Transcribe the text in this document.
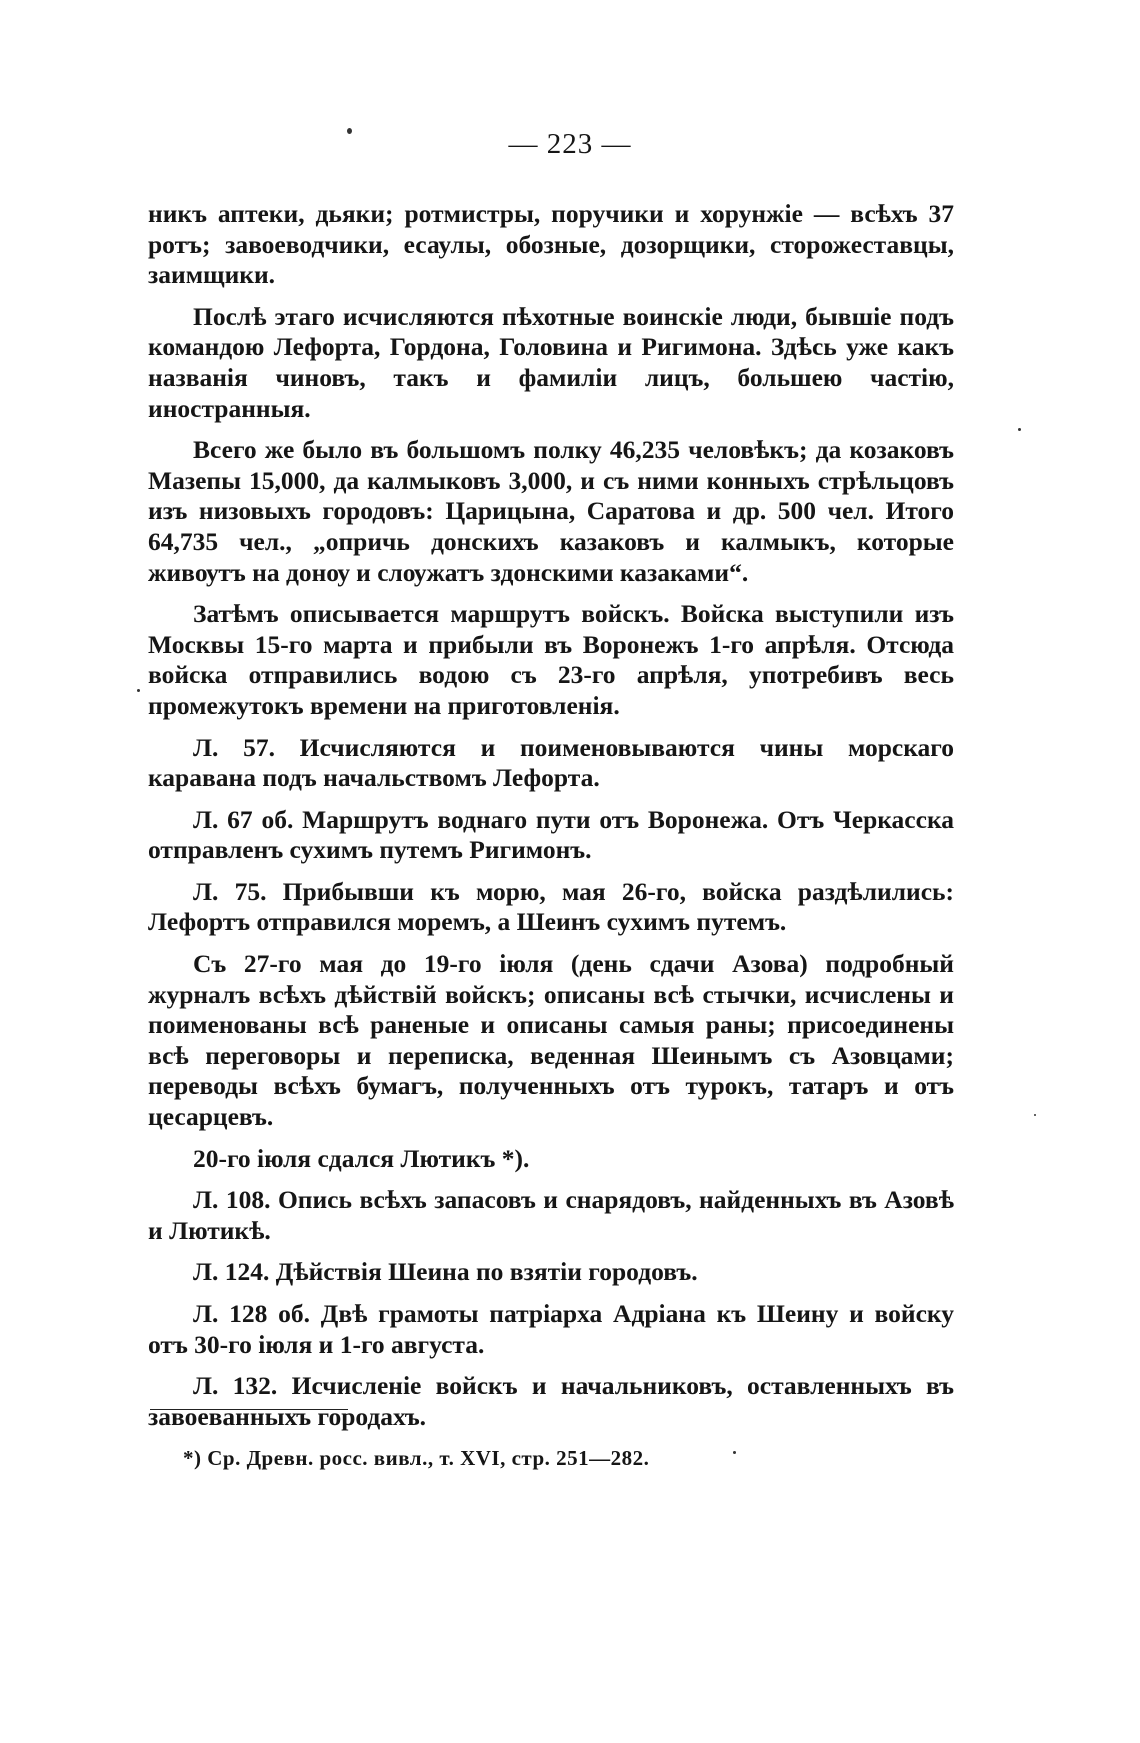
— 223 —

никъ аптеки, дьяки; ротмистры, поручики и хорунжіе — всѣхъ 37 ротъ; завоеводчики, есаулы, обозные, дозорщики, сторожеставцы, заимщики.

Послѣ этаго исчисляются пѣхотные воинскіе люди, бывшіе подъ командою Лефорта, Гордона, Головина и Ригимона. Здѣсь уже какъ названія чиновъ, такъ и фамиліи лицъ, большею частію, иностранныя.

Всего же было въ большомъ полку 46,235 человѣкъ; да козаковъ Мазепы 15,000, да калмыковъ 3,000, и съ ними конныхъ стрѣльцовъ изъ низовыхъ городовъ: Царицына, Саратова и др. 500 чел. Итого 64,735 чел., „опричь донскихъ казаковъ и калмыкъ, которые живѹтъ на донѹ и слѹжатъ здонскими казаками“.

Затѣмъ описывается маршрутъ войскъ. Войска выступили изъ Москвы 15-го марта и прибыли въ Воронежъ 1-го апрѣля. Отсюда войска отправились водою съ 23-го апрѣля, употребивъ весь промежутокъ времени на приготовленія.

Л. 57. Исчисляются и поименовываются чины морскаго каравана подъ начальствомъ Лефорта.

Л. 67 об. Маршрутъ воднаго пути отъ Воронежа. Отъ Черкасска отправленъ сухимъ путемъ Ригимонъ.

Л. 75. Прибывши къ морю, мая 26-го, войска раздѣлились: Лефортъ отправился моремъ, а Шеинъ сухимъ путемъ.

Съ 27-го мая до 19-го іюля (день сдачи Азова) подробный журналъ всѣхъ дѣйствій войскъ; описаны всѣ стычки, исчислены и поименованы всѣ раненые и описаны самыя раны; присоединены всѣ переговоры и переписка, веденная Шеинымъ съ Азовцами; переводы всѣхъ бумагъ, полученныхъ отъ турокъ, татаръ и отъ цесарцевъ.

20-го іюля сдался Лютикъ *).

Л. 108. Опись всѣхъ запасовъ и снарядовъ, найденныхъ въ Азовѣ и Лютикѣ.

Л. 124. Дѣйствія Шеина по взятіи городовъ.

Л. 128 об. Двѣ грамоты патріарха Адріана къ Шеину и войску отъ 30-го іюля и 1-го августа.

Л. 132. Исчисленіе войскъ и начальниковъ, оставленныхъ въ завоеванныхъ городахъ.

*) Ср. Древн. росс. вивл., т. XVI, стр. 251—282.
